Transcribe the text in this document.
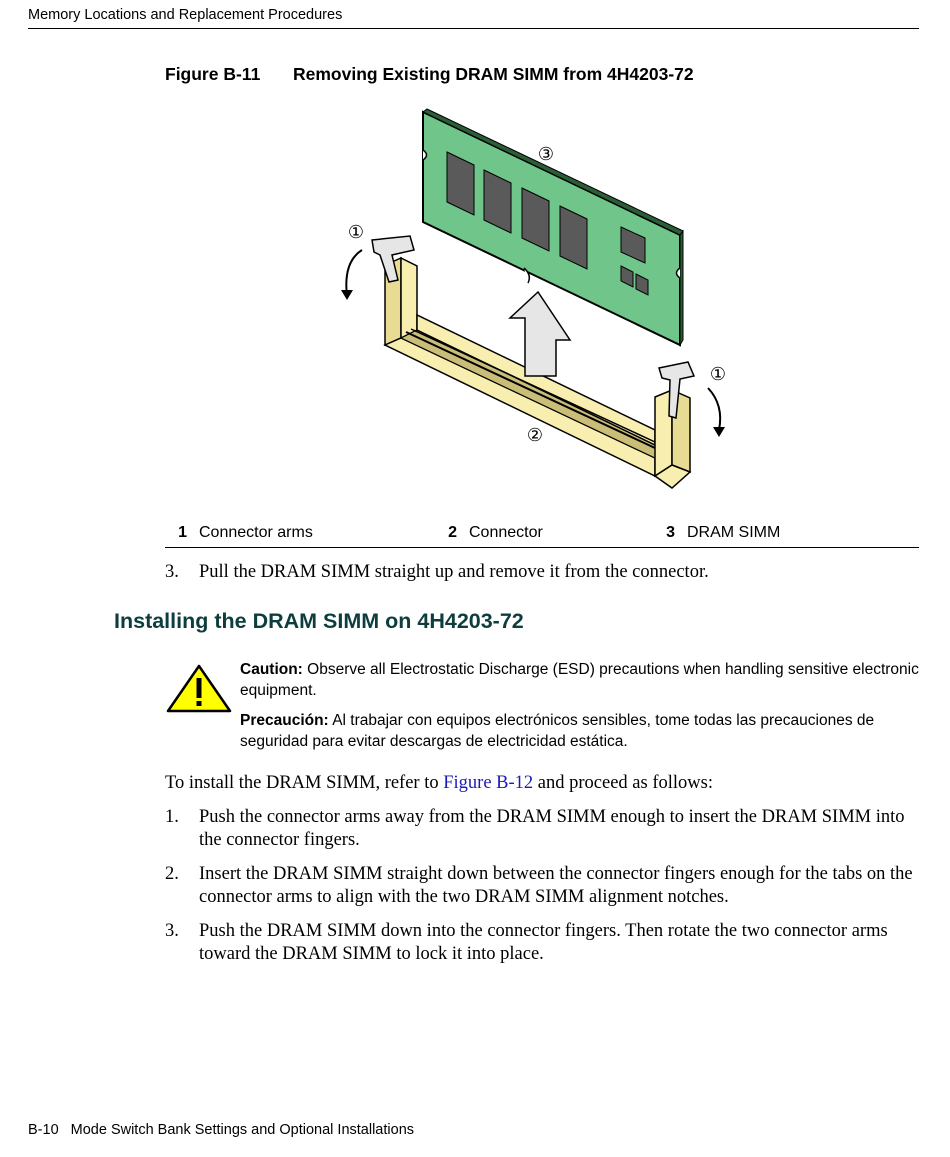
Memory Locations and Replacement Procedures
Figure B-11 Removing Existing DRAM SIMM from 4H4203-72
③
①
①
②
1 Connector arms	2 Connector	3 DRAM SIMM
3. Pull the DRAM SIMM straight up and remove it from the connector.
Installing the DRAM SIMM on 4H4203-72
Caution: Observe all Electrostatic Discharge (ESD) precautions when handling sensitive electronic equipment.
Precaución: Al trabajar con equipos electrónicos sensibles, tome todas las precauciones de seguridad para evitar descargas de electricidad estática.
To install the DRAM SIMM, refer to Figure B-12 and proceed as follows:
1. Push the connector arms away from the DRAM SIMM enough to insert the DRAM SIMM into the connector fingers.
2. Insert the DRAM SIMM straight down between the connector fingers enough for the tabs on the connector arms to align with the two DRAM SIMM alignment notches.
3. Push the DRAM SIMM down into the connector fingers. Then rotate the two connector arms toward the DRAM SIMM to lock it into place.
B-10 Mode Switch Bank Settings and Optional Installations
